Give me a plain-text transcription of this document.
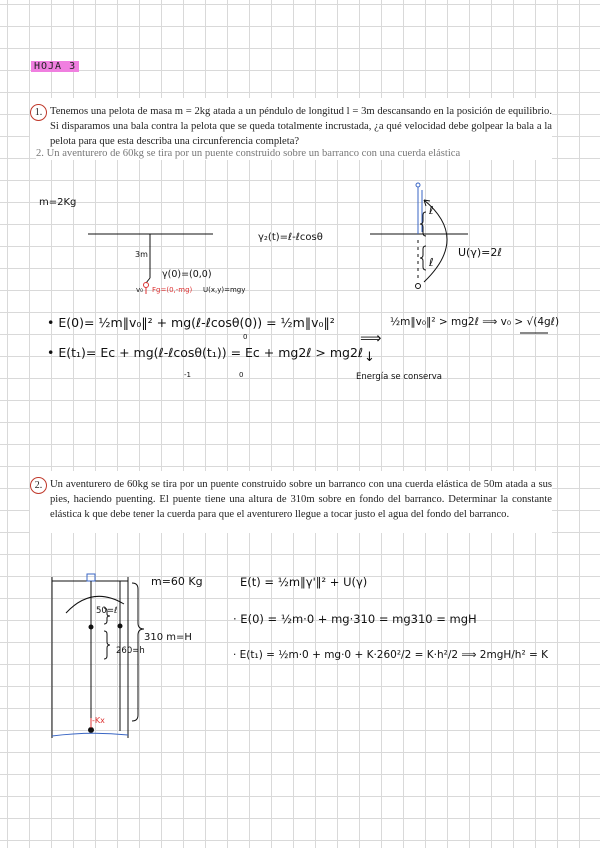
HOJA 3
1. Tenemos una pelota de masa m = 2kg atada a un péndulo de longitud l = 3m descansando en la posición de equilibrio. Si disparamos una bala contra la pelota que se queda totalmente incrustada, ¿a qué velocidad debe golpear la bala a la pelota para que esta describa una circunferencia completa?
2. Un aventurero de 60kg se tira por un puente construido sobre un barranco con una cuerda elástica
m=2Kg
3m
γ(0)=(0,0)
v₀ Fg=(0,-mg) U(x,y)=mgy
γ₂(t)=ℓ-ℓcosθ
U(γ)=2ℓ
ℓ
ℓ
• E(0)= ½m‖v₀‖² + mg(ℓ-ℓcosθ(0)) = ½m‖v₀‖²
0
• E(t₁)= Eᴄ + mg(ℓ-ℓcosθ(t₁)) = Eᴄ + mg2ℓ > mg2ℓ
-1	0
⟹
½m‖v₀‖² > mg2ℓ ⟹ v₀ > √(4gℓ)
↓
Energía se conserva
2. Un aventurero de 60kg se tira por un puente construido sobre un barranco con una cuerda elástica de 50m atada a sus pies, haciendo puenting. El puente tiene una altura de 310m sobre en fondo del barranco. Determinar la constante elástica k que debe tener la cuerda para que el aventurero llegue a tocar justo el agua del fondo del barranco.
m=60 Kg
50=ℓ
310 m=H
260=h
-Kx
E(t) = ½m‖γ'‖² + U(γ)
· E(0) = ½m·0 + mg·310 = mg310 = mgH
· E(t₁) = ½m·0 + mg·0 + K·260²/2 = K·h²/2 ⟹ 2mgH/h² = K
